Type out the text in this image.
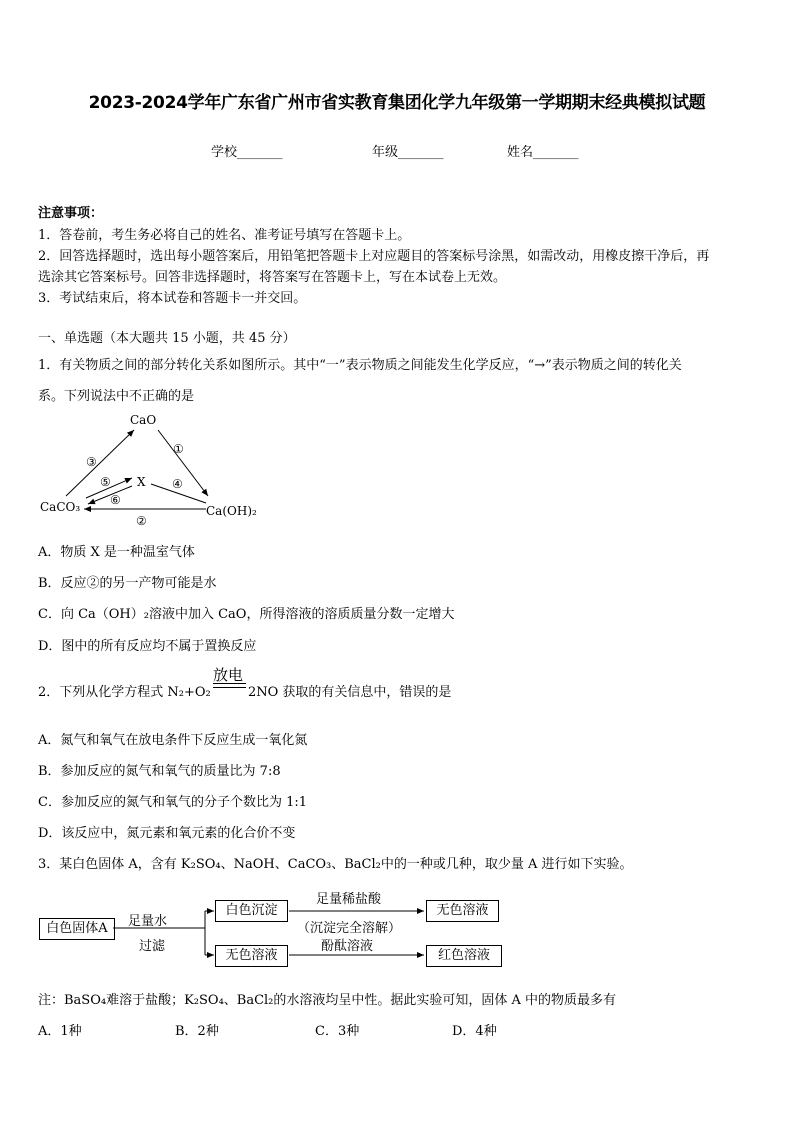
2023-2024学年广东省广州市省实教育集团化学九年级第一学期期末经典模拟试题
学校_______	年级_______	姓名_______
注意事项：
1．答卷前，考生务必将自己的姓名、准考证号填写在答题卡上。
2．回答选择题时，选出每小题答案后，用铅笔把答题卡上对应题目的答案标号涂黑，如需改动，用橡皮擦干净后，再
选涂其它答案标号。回答非选择题时，将答案写在答题卡上，写在本试卷上无效。
3．考试结束后，将本试卷和答题卡一并交回。
一、单选题（本大题共 15 小题，共 45 分）
1．有关物质之间的部分转化关系如图所示。其中“一”表示物质之间能发生化学反应，“→”表示物质之间的转化关
系。下列说法中不正确的是
CaO
X
CaCO₃	Ca(OH)₂
③
①
⑤
⑥
④
②
A．物质 X 是一种温室气体
B．反应②的另一产物可能是水
C．向 Ca（OH）₂溶液中加入 CaO，所得溶液的溶质质量分数一定增大
D．图中的所有反应均不属于置换反应
2．下列从化学方程式 N₂+O₂
放电
2NO 获取的有关信息中，错误的是
A．氮气和氧气在放电条件下反应生成一氧化氮
B．参加反应的氮气和氧气的质量比为 7:8
C．参加反应的氮气和氧气的分子个数比为 1:1
D．该反应中，氮元素和氧元素的化合价不变
3．某白色固体 A，含有 K₂SO₄、NaOH、CaCO₃、BaCl₂中的一种或几种，取少量 A 进行如下实验。
白色固体A	足量水
过滤
白色沉淀
无色溶液
足量稀盐酸
（沉淀完全溶解）
酚酞溶液
无色溶液
红色溶液
注：BaSO₄难溶于盐酸；K₂SO₄、BaCl₂的水溶液均呈中性。据此实验可知，固体 A 中的物质最多有
A．1种	B．2种	C．3种	D．4种
